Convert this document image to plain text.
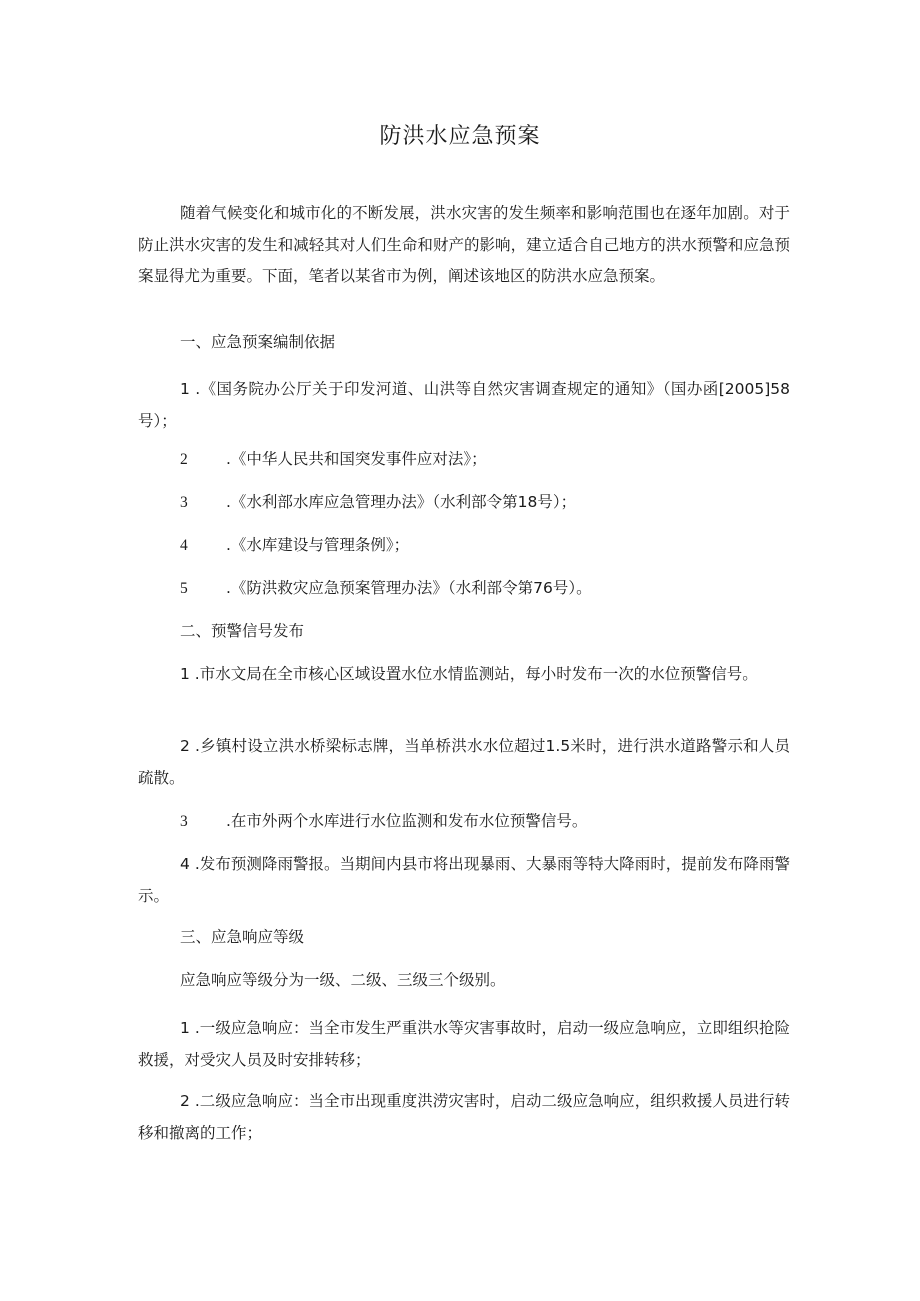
防洪水应急预案

随着气候变化和城市化的不断发展，洪水灾害的发生频率和影响范围也在逐年加剧。对于防止洪水灾害的发生和减轻其对人们生命和财产的影响，建立适合自己地方的洪水预警和应急预案显得尤为重要。下面，笔者以某省市为例，阐述该地区的防洪水应急预案。

一、应急预案编制依据

1 .《国务院办公厅关于印发河道、山洪等自然灾害调查规定的通知》（国办函[2005]58号）；

2 .《中华人民共和国突发事件应对法》；
3 .《水利部水库应急管理办法》（水利部令第18号）；
4 .《水库建设与管理条例》；
5 .《防洪救灾应急预案管理办法》（水利部令第76号）。
二、预警信号发布

1 .市水文局在全市核心区域设置水位水情监测站，每小时发布一次的水位预警信号。

2 .乡镇村设立洪水桥梁标志牌，当单桥洪水水位超过1.5米时，进行洪水道路警示和人员疏散。

3 .在市外两个水库进行水位监测和发布水位预警信号。

4 .发布预测降雨警报。当期间内县市将出现暴雨、大暴雨等特大降雨时，提前发布降雨警示。

三、应急响应等级
应急响应等级分为一级、二级、三级三个级别。

1 .一级应急响应：当全市发生严重洪水等灾害事故时，启动一级应急响应，立即组织抢险救援，对受灾人员及时安排转移；

2 .二级应急响应：当全市出现重度洪涝灾害时，启动二级应急响应，组织救援人员进行转移和撤离的工作；
